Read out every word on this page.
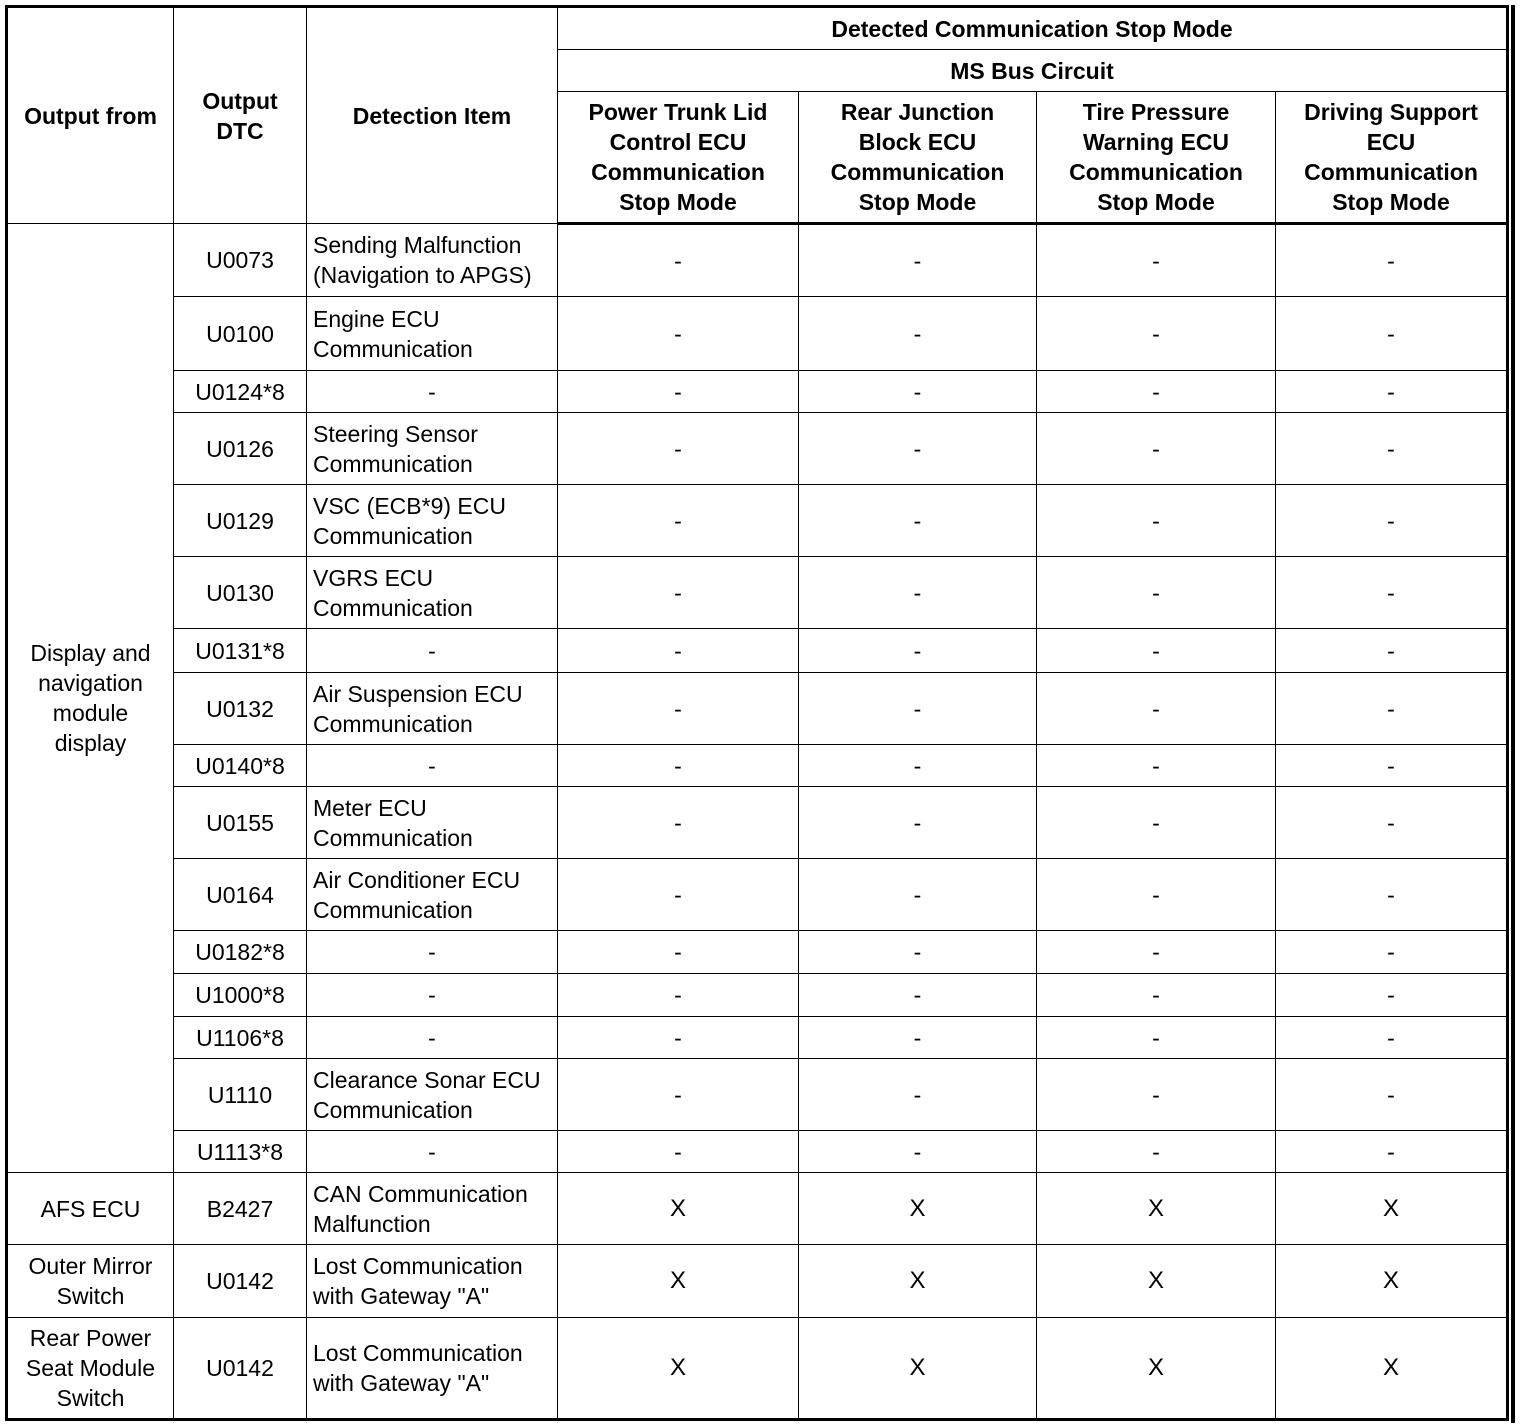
Output from	Output DTC	Detection Item	Detected Communication Stop Mode			
			MS Bus Circuit			
			Power Trunk Lid Control ECU Communication Stop Mode	Rear Junction Block ECU Communication Stop Mode	Tire Pressure Warning ECU Communication Stop Mode	Driving Support ECU Communication Stop Mode
Display and navigation module display	U0073	Sending Malfunction (Navigation to APGS)	-	-	-	-
	U0100	Engine ECU Communication	-	-	-	-
	U0124*8	-	-	-	-	-
	U0126	Steering Sensor Communication	-	-	-	-
	U0129	VSC (ECB*9) ECU Communication	-	-	-	-
	U0130	VGRS ECU Communication	-	-	-	-
	U0131*8	-	-	-	-	-
	U0132	Air Suspension ECU Communication	-	-	-	-
	U0140*8	-	-	-	-	-
	U0155	Meter ECU Communication	-	-	-	-
	U0164	Air Conditioner ECU Communication	-	-	-	-
	U0182*8	-	-	-	-	-
	U1000*8	-	-	-	-	-
	U1106*8	-	-	-	-	-
	U1110	Clearance Sonar ECU Communication	-	-	-	-
	U1113*8	-	-	-	-	-
AFS ECU	B2427	CAN Communication Malfunction	X	X	X	X
Outer Mirror Switch	U0142	Lost Communication with Gateway "A"	X	X	X	X
Rear Power Seat Module Switch	U0142	Lost Communication with Gateway "A"	X	X	X	X
